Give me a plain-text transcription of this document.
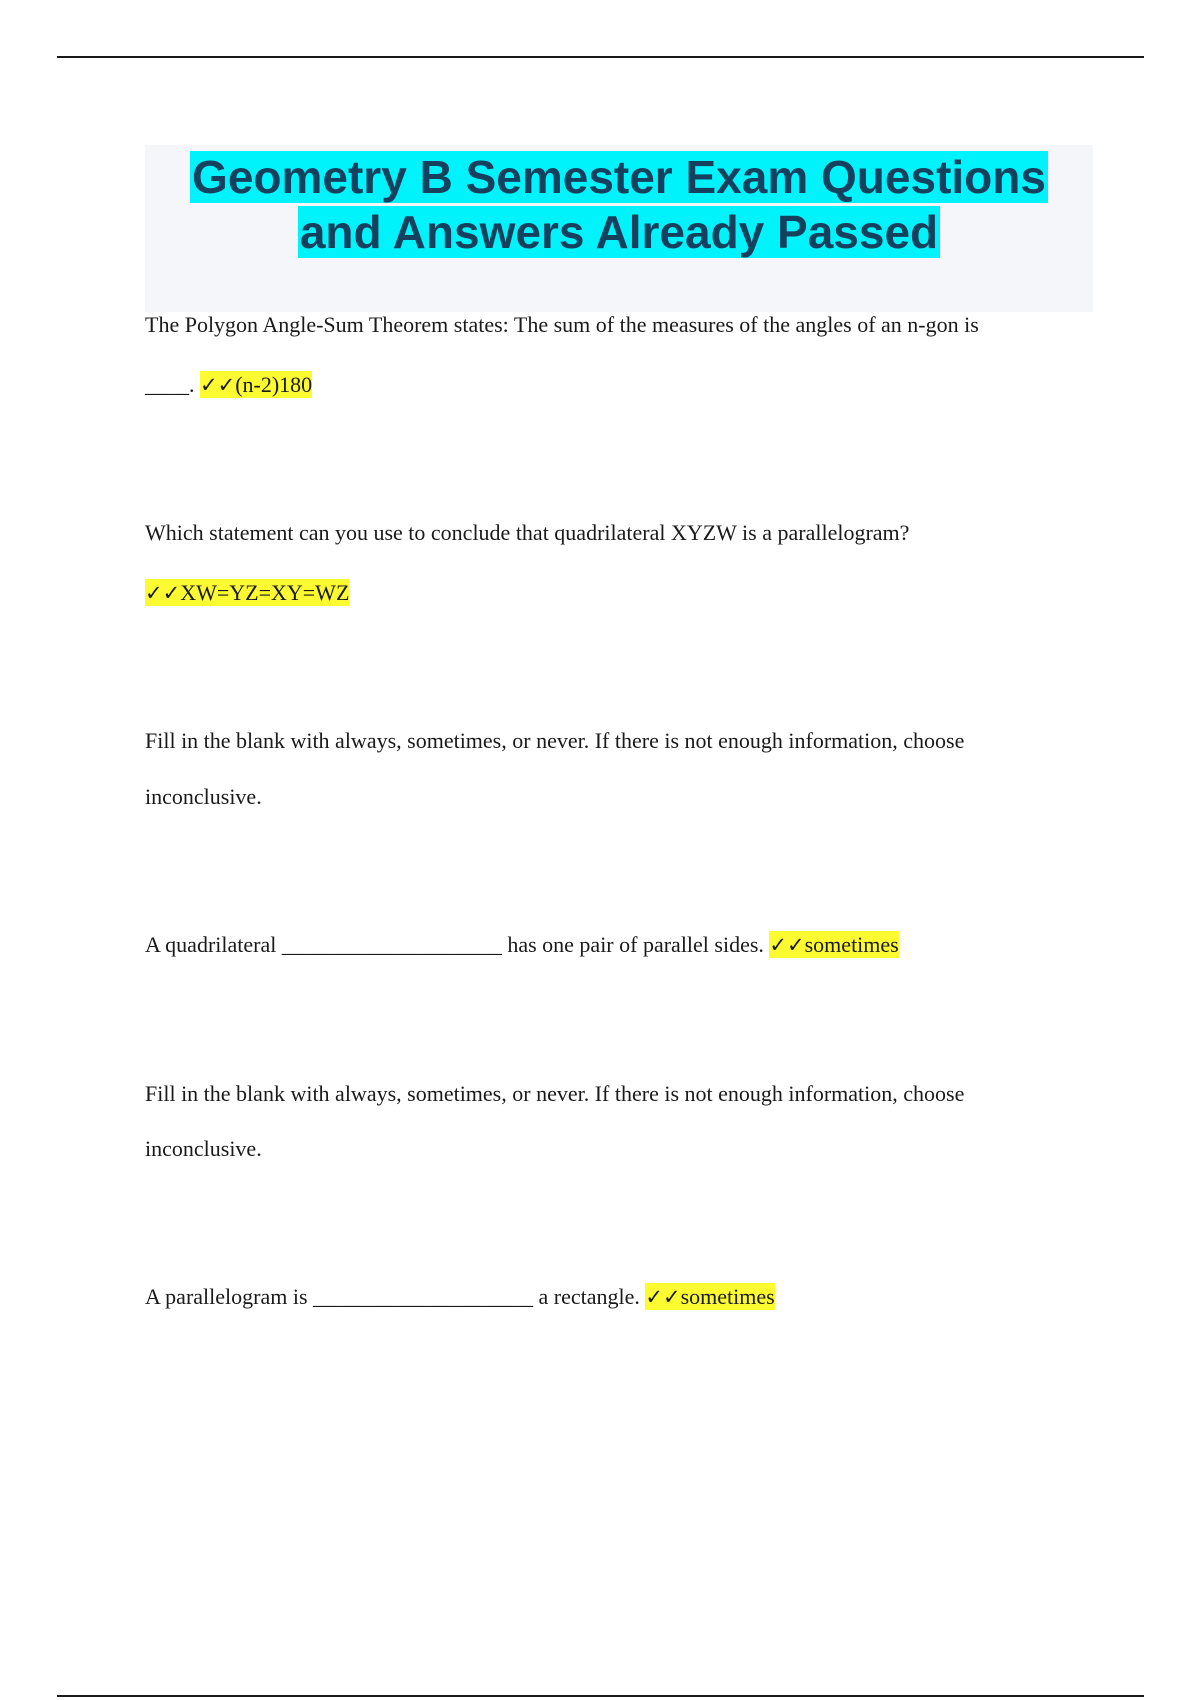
Geometry B Semester Exam Questions
and Answers Already Passed

The Polygon Angle-Sum Theorem states: The sum of the measures of the angles of an n-gon is

____. ✓✓(n-2)180

Which statement can you use to conclude that quadrilateral XYZW is a parallelogram?

✓✓XW=YZ=XY=WZ

Fill in the blank with always, sometimes, or never. If there is not enough information, choose

inconclusive.

A quadrilateral ____________________ has one pair of parallel sides. ✓✓sometimes

Fill in the blank with always, sometimes, or never. If there is not enough information, choose

inconclusive.

A parallelogram is ____________________ a rectangle. ✓✓sometimes
